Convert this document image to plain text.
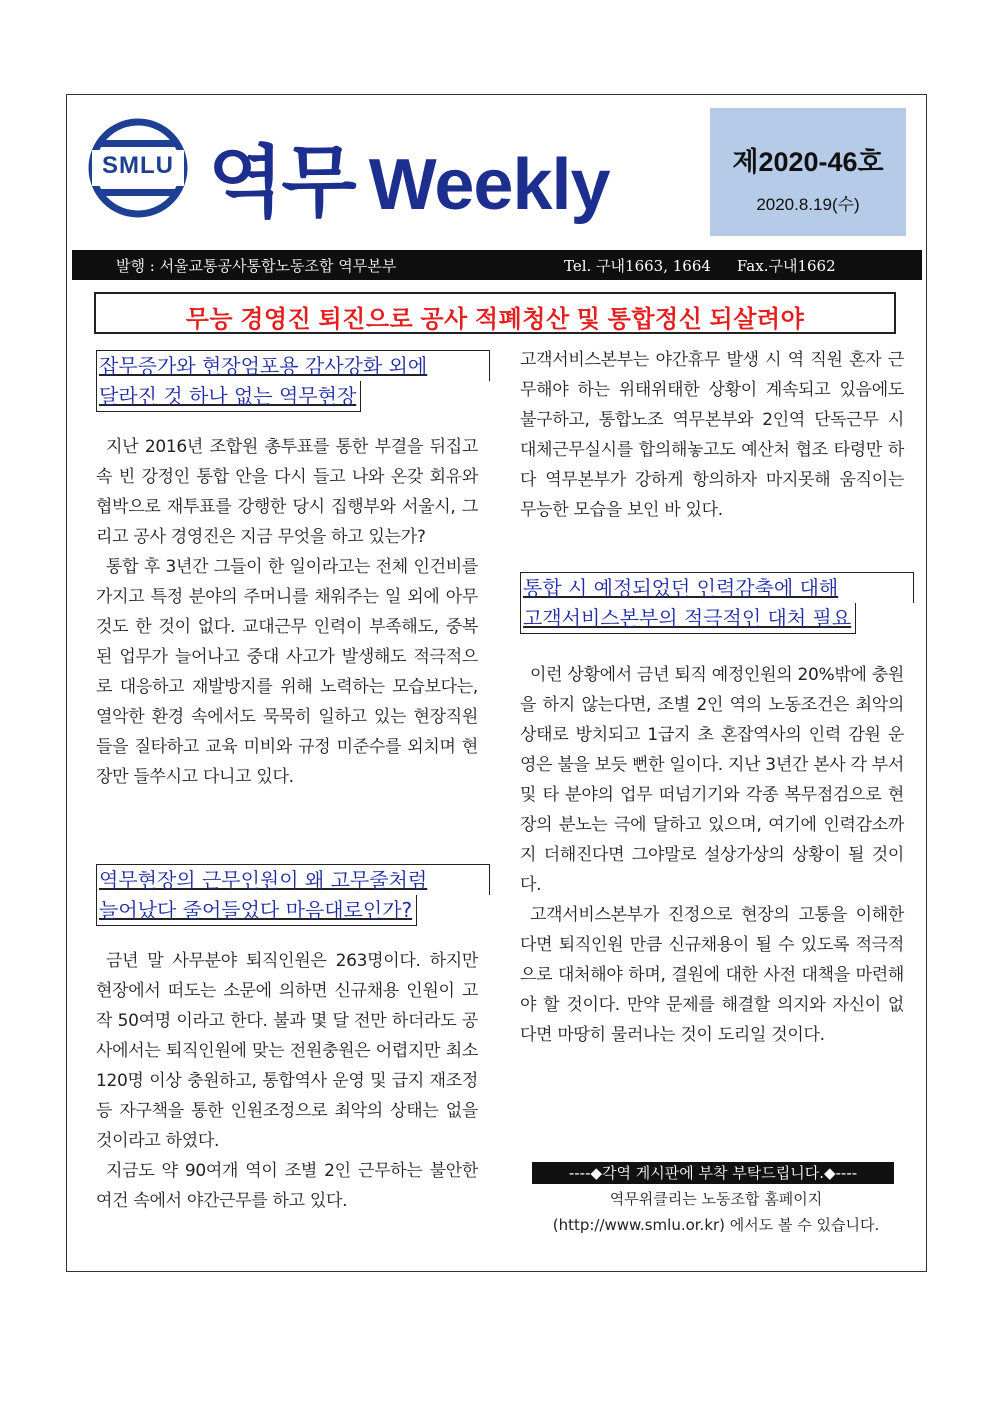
SMLU 역무 Weekly	제2020-46호
2020.8.19(수)
발행 : 서울교통공사통합노동조합 역무본부	Tel. 구내1663, 1664 Fax.구내1662
무능 경영진 퇴진으로 공사 적폐청산 및 통합정신 되살려야
잡무증가와 현장엄포용 감사강화 외에
달라진 것 하나 없는 역무현장

지난 2016년 조합원 총투표를 통한 부결을 뒤집고 속 빈 강정인 통합 안을 다시 들고 나와 온갖 회유와 협박으로 재투표를 강행한 당시 집행부와 서울시, 그리고 공사 경영진은 지금 무엇을 하고 있는가?

통합 후 3년간 그들이 한 일이라고는 전체 인건비를 가지고 특정 분야의 주머니를 채워주는 일 외에 아무것도 한 것이 없다. 교대근무 인력이 부족해도, 중복된 업무가 늘어나고 중대 사고가 발생해도 적극적으로 대응하고 재발방지를 위해 노력하는 모습보다는, 열악한 환경 속에서도 묵묵히 일하고 있는 현장직원들을 질타하고 교육 미비와 규정 미준수를 외치며 현장만 들쑤시고 다니고 있다.

역무현장의 근무인원이 왜 고무줄처럼
늘어났다 줄어들었다 마음대로인가?

금년 말 사무분야 퇴직인원은 263명이다. 하지만 현장에서 떠도는 소문에 의하면 신규채용 인원이 고작 50여명 이라고 한다. 불과 몇 달 전만 하더라도 공사에서는 퇴직인원에 맞는 전원충원은 어렵지만 최소 120명 이상 충원하고, 통합역사 운영 및 급지 재조정 등 자구책을 통한 인원조정으로 최악의 상태는 없을 것이라고 하였다.

지금도 약 90여개 역이 조별 2인 근무하는 불안한 여건 속에서 야간근무를 하고 있다.

고객서비스본부는 야간휴무 발생 시 역 직원 혼자 근무해야 하는 위태위태한 상황이 계속되고 있음에도 불구하고, 통합노조 역무본부와 2인역 단독근무 시 대체근무실시를 합의해놓고도 예산처 협조 타령만 하다 역무본부가 강하게 항의하자 마지못해 움직이는 무능한 모습을 보인 바 있다.

통합 시 예정되었던 인력감축에 대해
고객서비스본부의 적극적인 대처 필요

이런 상황에서 금년 퇴직 예정인원의 20%밖에 충원을 하지 않는다면, 조별 2인 역의 노동조건은 최악의 상태로 방치되고 1급지 초 혼잡역사의 인력 감원 운영은 불을 보듯 뻔한 일이다. 지난 3년간 본사 각 부서 및 타 분야의 업무 떠넘기기와 각종 복무점검으로 현장의 분노는 극에 달하고 있으며, 여기에 인력감소까지 더해진다면 그야말로 설상가상의 상황이 될 것이다.

고객서비스본부가 진정으로 현장의 고통을 이해한다면 퇴직인원 만큼 신규채용이 될 수 있도록 적극적으로 대처해야 하며, 결원에 대한 사전 대책을 마련해야 할 것이다. 만약 문제를 해결할 의지와 자신이 없다면 마땅히 물러나는 것이 도리일 것이다.

----◆각역 게시판에 부착 부탁드립니다.◆----
역무위클리는 노동조합 홈페이지
(http://www.smlu.or.kr) 에서도 볼 수 있습니다.
